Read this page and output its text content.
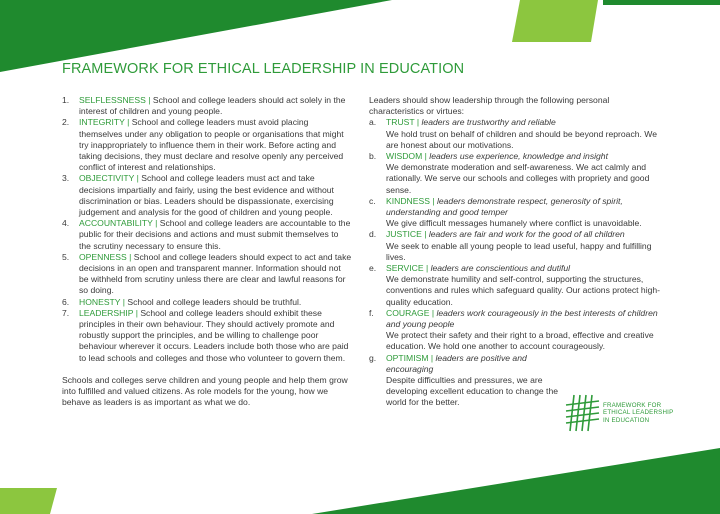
FRAMEWORK FOR ETHICAL LEADERSHIP IN EDUCATION
1. SELFLESSNESS | School and college leaders should act solely in the interest of children and young people.
2. INTEGRITY | School and college leaders must avoid placing themselves under any obligation to people or organisations that might try inappropriately to influence them in their work. Before acting and taking decisions, they must declare and resolve openly any perceived conflict of interest and relationships.
3. OBJECTIVITY | School and college leaders must act and take decisions impartially and fairly, using the best evidence and without discrimination or bias. Leaders should be dispassionate, exercising judgement and analysis for the good of children and young people.
4. ACCOUNTABILITY | School and college leaders are accountable to the public for their decisions and actions and must submit themselves to the scrutiny necessary to ensure this.
5. OPENNESS | School and college leaders should expect to act and take decisions in an open and transparent manner. Information should not be withheld from scrutiny unless there are clear and lawful reasons for so doing.
6. HONESTY | School and college leaders should be truthful.
7. LEADERSHIP | School and college leaders should exhibit these principles in their own behaviour. They should actively promote and robustly support the principles, and be willing to challenge poor behaviour wherever it occurs. Leaders include both those who are paid to lead schools and colleges and those who volunteer to govern them.

Schools and colleges serve children and young people and help them grow into fulfilled and valued citizens. As role models for the young, how we behave as leaders is as important as what we do.

Leaders should show leadership through the following personal characteristics or virtues:
a. TRUST | leaders are trustworthy and reliable
We hold trust on behalf of children and should be beyond reproach. We are honest about our motivations.
b. WISDOM | leaders use experience, knowledge and insight
We demonstrate moderation and self-awareness. We act calmly and rationally. We serve our schools and colleges with propriety and good sense.
c. KINDNESS | leaders demonstrate respect, generosity of spirit, understanding and good temper
We give difficult messages humanely where conflict is unavoidable.
d. JUSTICE | leaders are fair and work for the good of all children
We seek to enable all young people to lead useful, happy and fulfilling lives.
e. SERVICE | leaders are conscientious and dutiful
We demonstrate humility and self-control, supporting the structures, conventions and rules which safeguard quality. Our actions protect high-quality education.
f. COURAGE | leaders work courageously in the best interests of children and young people
We protect their safety and their right to a broad, effective and creative education. We hold one another to account courageously.
g. OPTIMISM | leaders are positive and encouraging
Despite difficulties and pressures, we are developing excellent education to change the world for the better.	FRAMEWORK FOR
ETHICAL LEADERSHIP
IN EDUCATION
